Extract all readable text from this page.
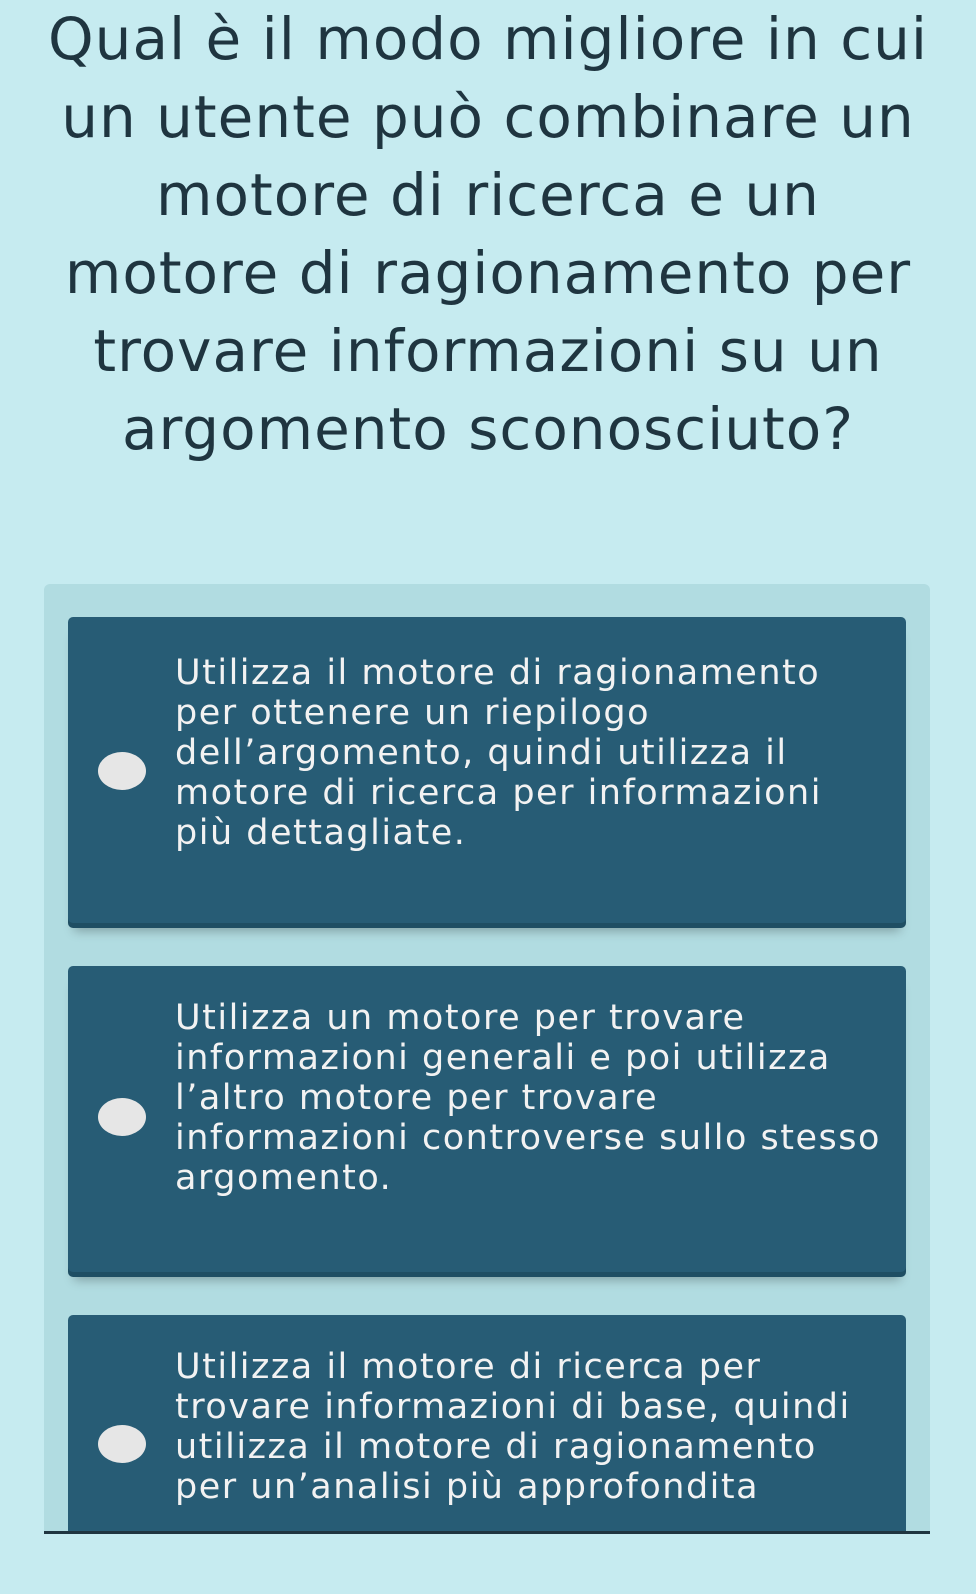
Qual è il modo migliore in cui un utente può combinare un motore di ricerca e un motore di ragionamento per trovare informazioni su un argomento sconosciuto?

Utilizza il motore di ragionamento per ottenere un riepilogo dell’argomento, quindi utilizza il motore di ricerca per informazioni più dettagliate.

Utilizza un motore per trovare informazioni generali e poi utilizza l’altro motore per trovare informazioni controverse sullo stesso argomento.

Utilizza il motore di ricerca per trovare informazioni di base, quindi utilizza il motore di ragionamento per un’analisi più approfondita
